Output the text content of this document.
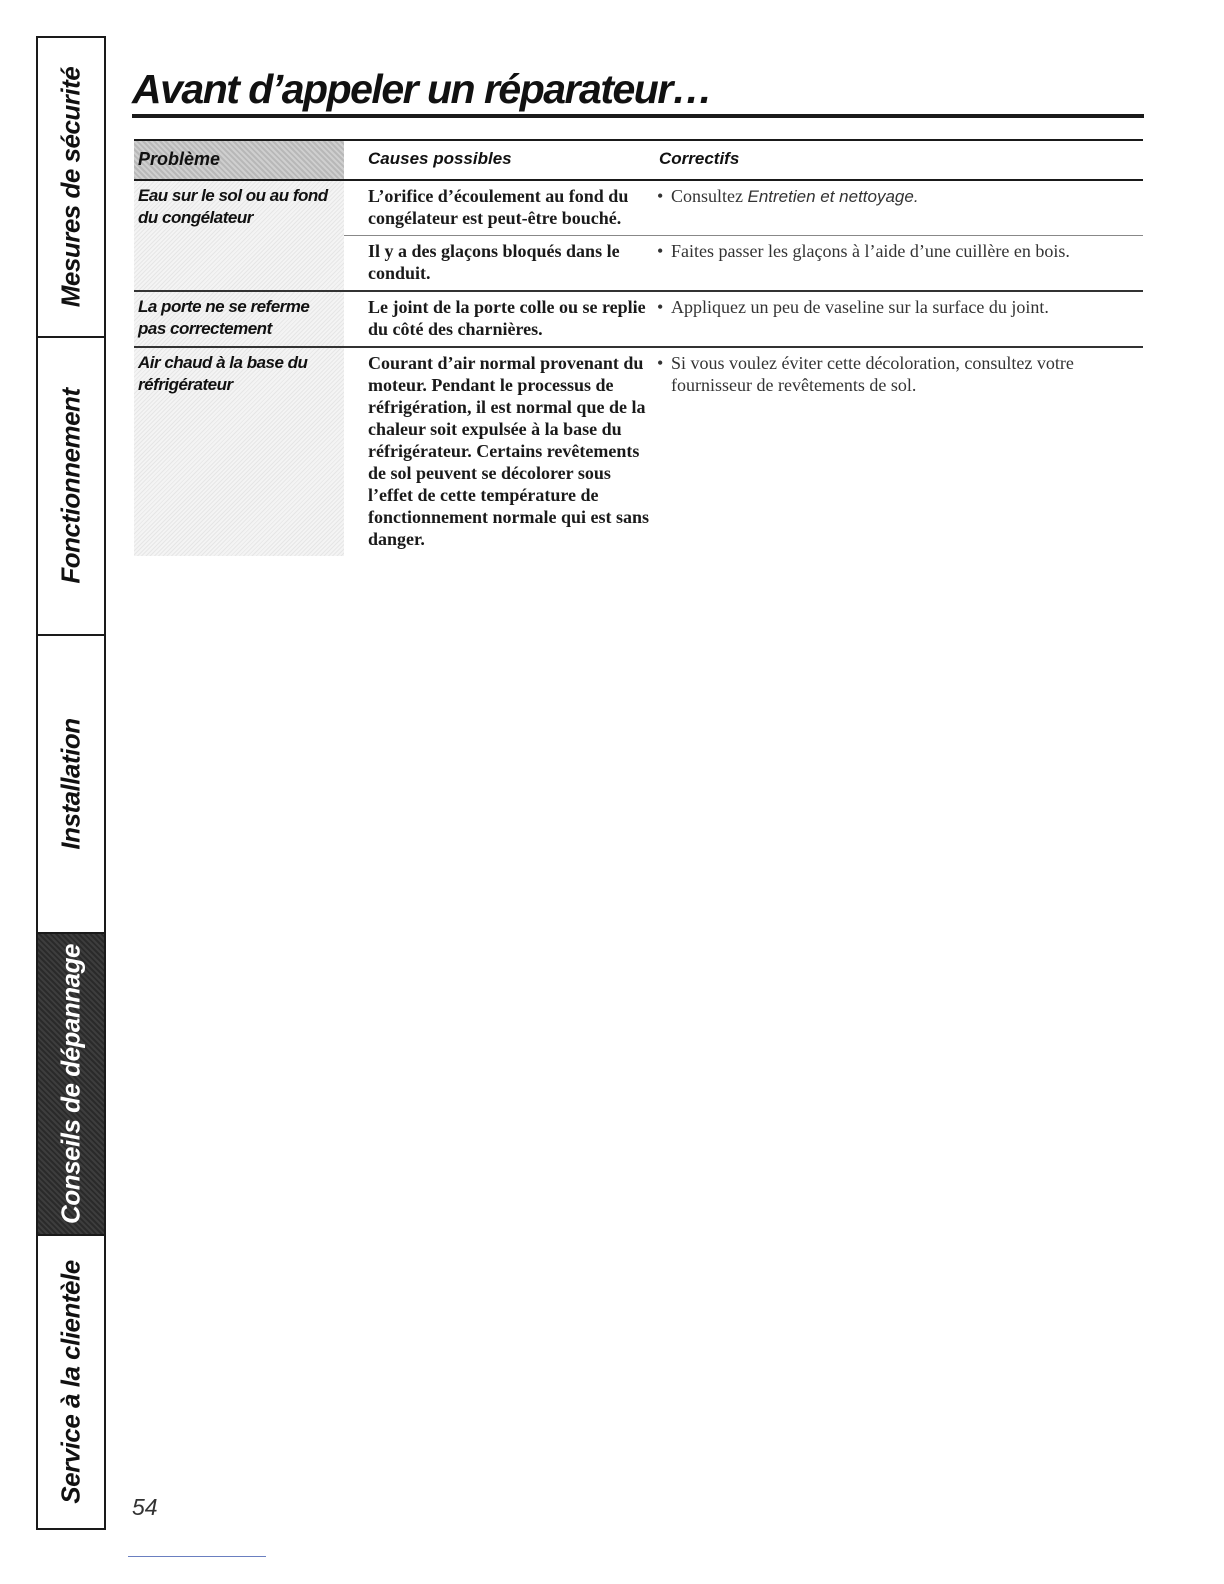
Mesures de sécurité
Fonctionnement
Installation
Conseils de dépannage
Service à la clientèle
Avant d’appeler un réparateur…
Problème	Causes possibles	Correctifs
Eau sur le sol ou au fond du congélateur
L’orifice d’écoulement au fond du congélateur est peut-être bouché.• Consultez Entretien et nettoyage.
Il y a des glaçons bloqués dans le conduit.• Faites passer les glaçons à l’aide d’une cuillère en bois.
La porte ne se referme pas correctement
Le joint de la porte colle ou se replie du côté des charnières.• Appliquez un peu de vaseline sur la surface du joint.
Air chaud à la base du réfrigérateur
Courant d’air normal provenant du moteur. Pendant le processus de réfrigération, il est normal que de la chaleur soit expulsée à la base du réfrigérateur. Certains revêtements de sol peuvent se décolorer sous l’effet de cette température de fonctionnement normale qui est sans danger.• Si vous voulez éviter cette décoloration, consultez votre fournisseur de revêtements de sol.
54
